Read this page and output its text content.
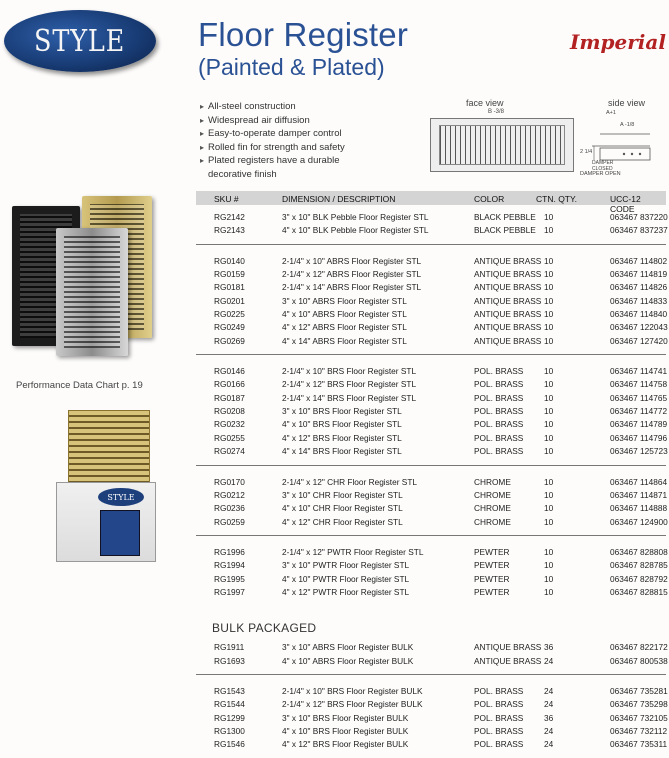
STYLE Floor Register
(Painted & Plated)
Imperial
▸ All-steel construction
▸ Widespread air diffusion
▸ Easy-to-operate damper control
▸ Rolled fin for strength and safety
▸ Plated registers have a durable decorative finish
face view	side view
B -3/8	A+1
A -1/8
2 1/4
DAMPER CLOSED
DAMPER OPEN
Performance Data Chart p. 19
STYLE
SKU #	DIMENSION / DESCRIPTION	COLOR	CTN. QTY.	UCC-12 CODE
RG2142	3" x 10" BLK Pebble Floor Register STL	BLACK PEBBLE 10	063467 837220
RG2143	4" x 10" BLK Pebble Floor Register STL	BLACK PEBBLE 10	063467 837237
RG0140	2-1/4" x 10" ABRS Floor Register STL	ANTIQUE BRASS 10	063467 114802
RG0159	2-1/4" x 12" ABRS Floor Register STL	ANTIQUE BRASS 10	063467 114819
RG0181	2-1/4" x 14" ABRS Floor Register STL	ANTIQUE BRASS 10	063467 114826
RG0201	3" x 10" ABRS Floor Register STL	ANTIQUE BRASS 10	063467 114833
RG0225	4" x 10" ABRS Floor Register STL	ANTIQUE BRASS 10	063467 114840
RG0249	4" x 12" ABRS Floor Register STL	ANTIQUE BRASS 10	063467 122043
RG0269	4" x 14" ABRS Floor Register STL	ANTIQUE BRASS 10	063467 127420
RG0146	2-1/4" x 10" BRS Floor Register STL	POL. BRASS 10	063467 114741
RG0166	2-1/4" x 12" BRS Floor Register STL	POL. BRASS 10	063467 114758
RG0187	2-1/4" x 14" BRS Floor Register STL	POL. BRASS 10	063467 114765
RG0208	3" x 10" BRS Floor Register STL	POL. BRASS 10	063467 114772
RG0232	4" x 10" BRS Floor Register STL	POL. BRASS 10	063467 114789
RG0255	4" x 12" BRS Floor Register STL	POL. BRASS 10	063467 114796
RG0274	4" x 14" BRS Floor Register STL	POL. BRASS 10	063467 125723
RG0170	2-1/4" x 12" CHR Floor Register STL	CHROME	10	063467 114864
RG0212	3" x 10" CHR Floor Register STL	CHROME	10	063467 114871
RG0236	4" x 10" CHR Floor Register STL	CHROME	10	063467 114888
RG0259	4" x 12" CHR Floor Register STL	CHROME	10	063467 124900
RG1996	2-1/4" x 12" PWTR Floor Register STL	PEWTER	10	063467 828808
RG1994	3" x 10" PWTR Floor Register STL	PEWTER	10	063467 828785
RG1995	4" x 10" PWTR Floor Register STL	PEWTER	10	063467 828792
RG1997	4" x 12" PWTR Floor Register STL	PEWTER	10	063467 828815
BULK PACKAGED
RG1911	3" x 10" ABRS Floor Register BULK	ANTIQUE BRASS 36	063467 822172
RG1693	4" x 10" ABRS Floor Register BULK	ANTIQUE BRASS 24	063467 800538
RG1543	2-1/4" x 10" BRS Floor Register BULK	POL. BRASS 24	063467 735281
RG1544	2-1/4" x 12" BRS Floor Register BULK	POL. BRASS 24	063467 735298
RG1299	3" x 10" BRS Floor Register BULK	POL. BRASS 36	063467 732105
RG1300	4" x 10" BRS Floor Register BULK	POL. BRASS 24	063467 732112
RG1546	4" x 12" BRS Floor Register BULK	POL. BRASS 24	063467 735311
